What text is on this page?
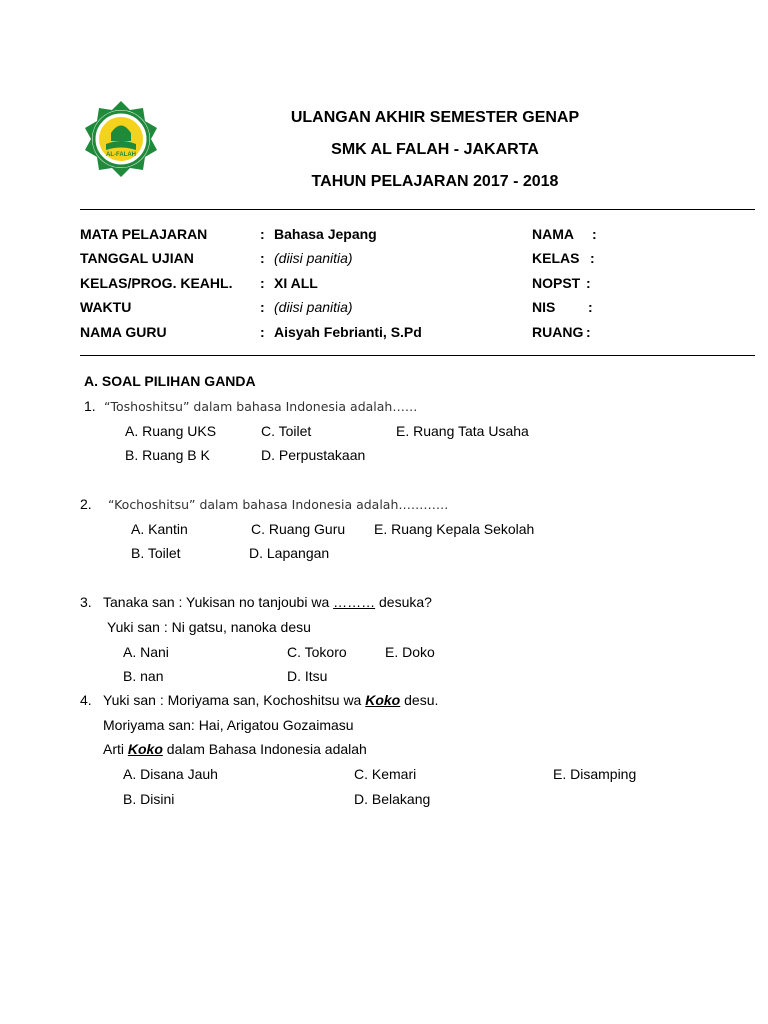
AL-FALAH
ULANGAN AKHIR SEMESTER GENAP
SMK AL FALAH - JAKARTA
TAHUN PELAJARAN 2017 - 2018
MATA PELAJARAN	: Bahasa Jepang
TANGGAL UJIAN	: (diisi panitia)
KELAS/PROG. KEAHL. : XI ALL
WAKTU	: (diisi panitia)
NAMA GURU	: Aisyah Febrianti, S.Pd
NAMA :
KELAS :
NOPST :
NIS :
RUANG :
A. SOAL PILIHAN GANDA
1. “Toshoshitsu” dalam bahasa Indonesia adalah……
A. Ruang UKS	C. Toilet	E. Ruang Tata Usaha
B. Ruang B K	D. Perpustakaan
2. “Kochoshitsu” dalam bahasa Indonesia adalah…………
A. Kantin	C. Ruang Guru E. Ruang Kepala Sekolah
B. Toilet	D. Lapangan
3. Tanaka san : Yukisan no tanjoubi wa ……… desuka?
Yuki san : Ni gatsu, nanoka desu
A. Nani	C. Tokoro	E. Doko
B. nan	D. Itsu
4. Yuki san : Moriyama san, Kochoshitsu wa Koko desu.
Moriyama san: Hai, Arigatou Gozaimasu
Arti Koko dalam Bahasa Indonesia adalah
A. Disana Jauh	C. Kemari	E. Disamping
B. Disini	D. Belakang
